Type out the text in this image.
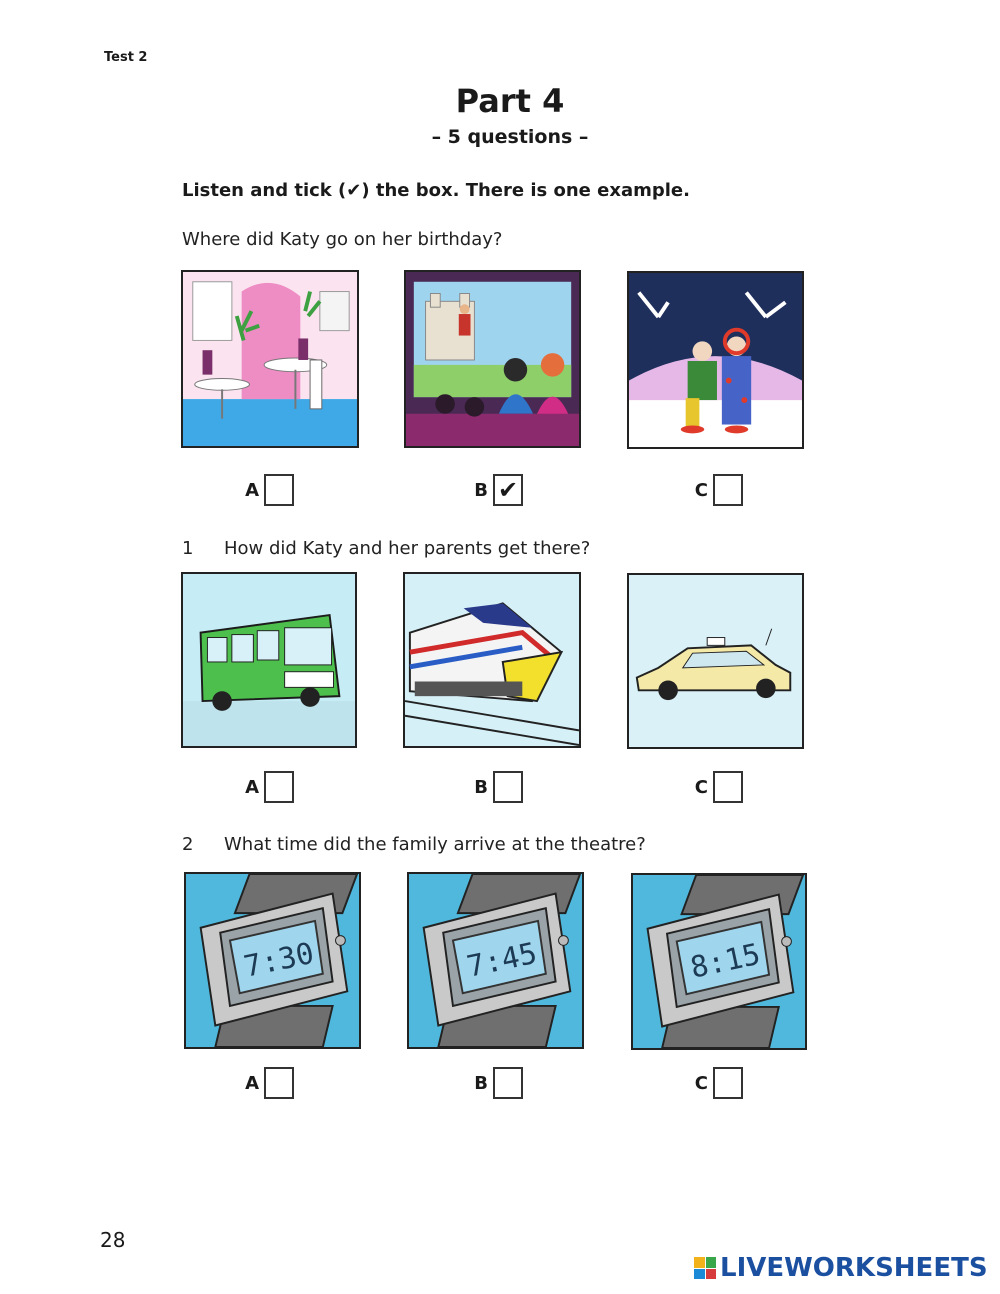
Test 2
Part 4
– 5 questions –
Listen and tick (✔) the box. There is one example.
Where did Katy go on her birthday?
A	B ✔	C
1 How did Katy and her parents get there?
A	B	C
2 What time did the family arrive at the theatre?
7:30	7:45	8:15
A	B	C
28
LIVEWORKSHEETS
